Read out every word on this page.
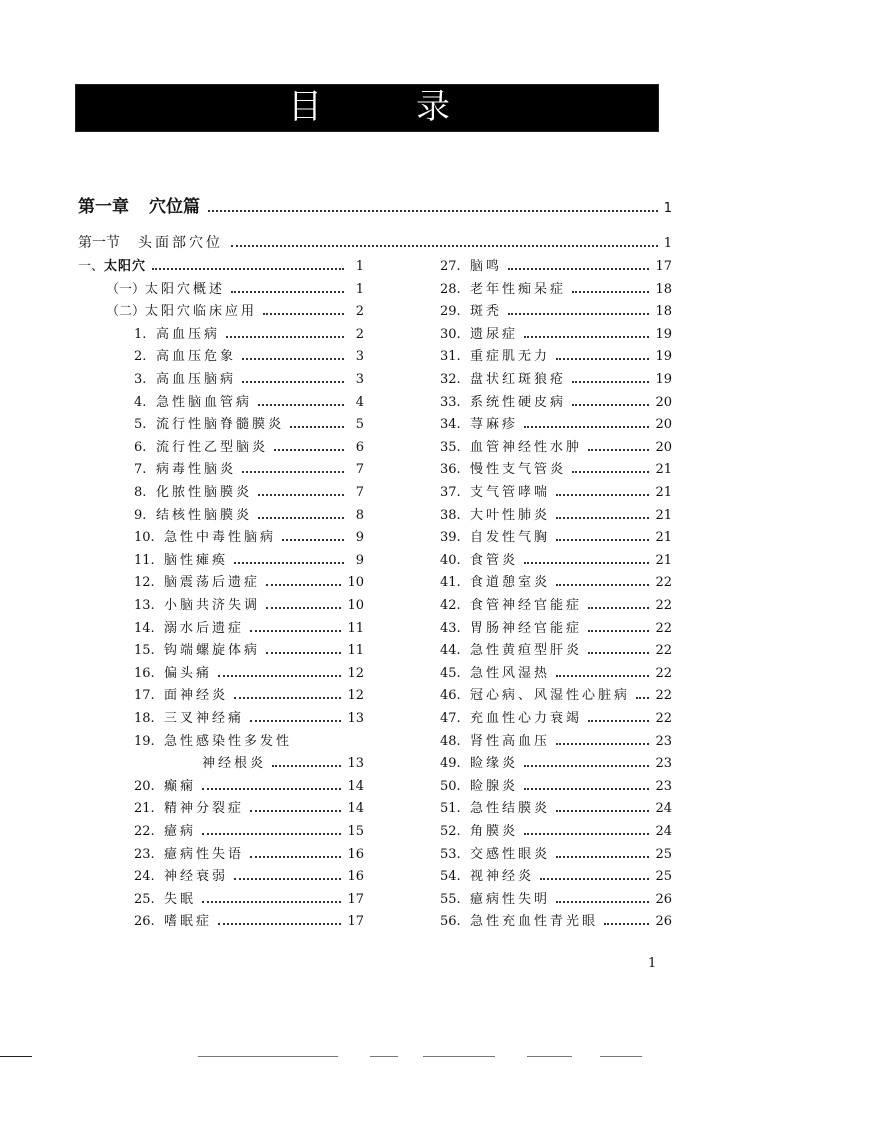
目	录
第一章 穴位篇	1
第一节 头面部穴位	1
一、 太阳穴	1
（一） 太阳穴概述	1
（二） 太阳穴临床应用	2
1. 高血压病	2
2. 高血压危象	3
3. 高血压脑病	3
4. 急性脑血管病	4
5. 流行性脑脊髓膜炎	5
6. 流行性乙型脑炎	6
7. 病毒性脑炎	7
8. 化脓性脑膜炎	7
9. 结核性脑膜炎	8
10. 急性中毒性脑病	9
11. 脑性瘫痪	9
12. 脑震荡后遗症	10
13. 小脑共济失调	10
14. 溺水后遗症	11
15. 钩端螺旋体病	11
16. 偏头痛	12
17. 面神经炎	12
18. 三叉神经痛	13
19. 急性感染性多发性
神经根炎	13
20. 癫痫	14
21. 精神分裂症	14
22. 癔病	15
23. 癔病性失语	16
24. 神经衰弱	16
25. 失眠	17
26. 嗜眠症	17
27. 脑鸣	17
28. 老年性痴呆症	18
29. 斑秃	18
30. 遗尿症	19
31. 重症肌无力	19
32. 盘状红斑狼疮	19
33. 系统性硬皮病	20
34. 荨麻疹	20
35. 血管神经性水肿	20
36. 慢性支气管炎	21
37. 支气管哮喘	21
38. 大叶性肺炎	21
39. 自发性气胸	21
40. 食管炎	21
41. 食道憩室炎	22
42. 食管神经官能症	22
43. 胃肠神经官能症	22
44. 急性黄疸型肝炎	22
45. 急性风湿热	22
46. 冠心病、风湿性心脏病 22
47. 充血性心力衰竭	22
48. 肾性高血压	23
49. 睑缘炎	23
50. 睑腺炎	23
51. 急性结膜炎	24
52. 角膜炎	24
53. 交感性眼炎	25
54. 视神经炎	25
55. 癔病性失明	26
56. 急性充血性青光眼	26
1
